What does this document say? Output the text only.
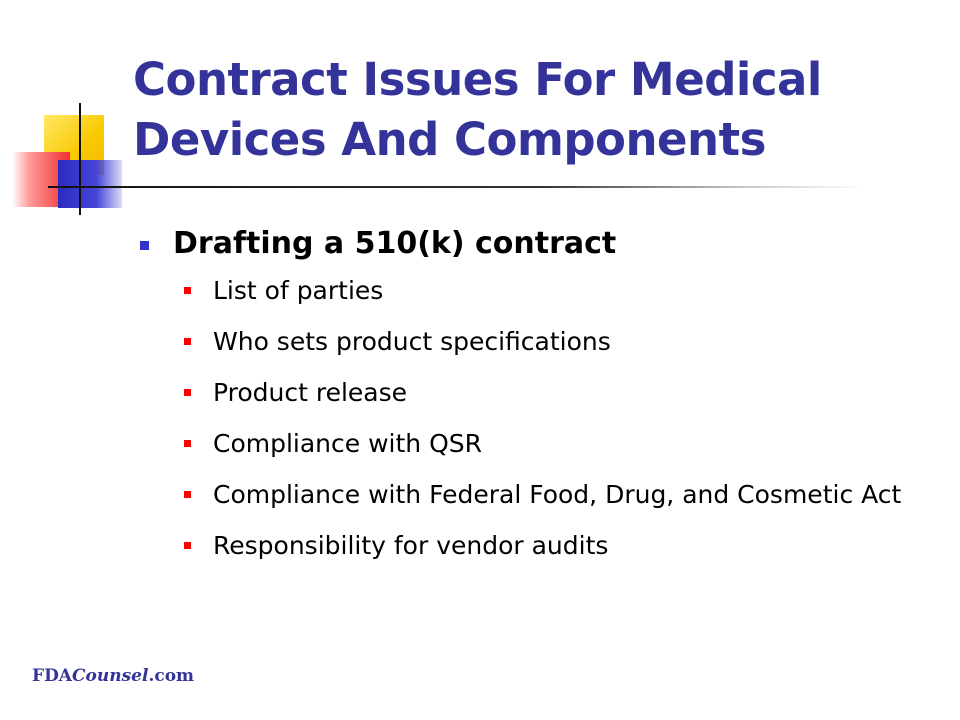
Contract Issues For Medical
Devices And Components

Drafting a 510(k) contract

List of parties
Who sets product specifications
Product release
Compliance with QSR
Compliance with Federal Food, Drug, and Cosmetic Act
Responsibility for vendor audits
FDACounsel.com
